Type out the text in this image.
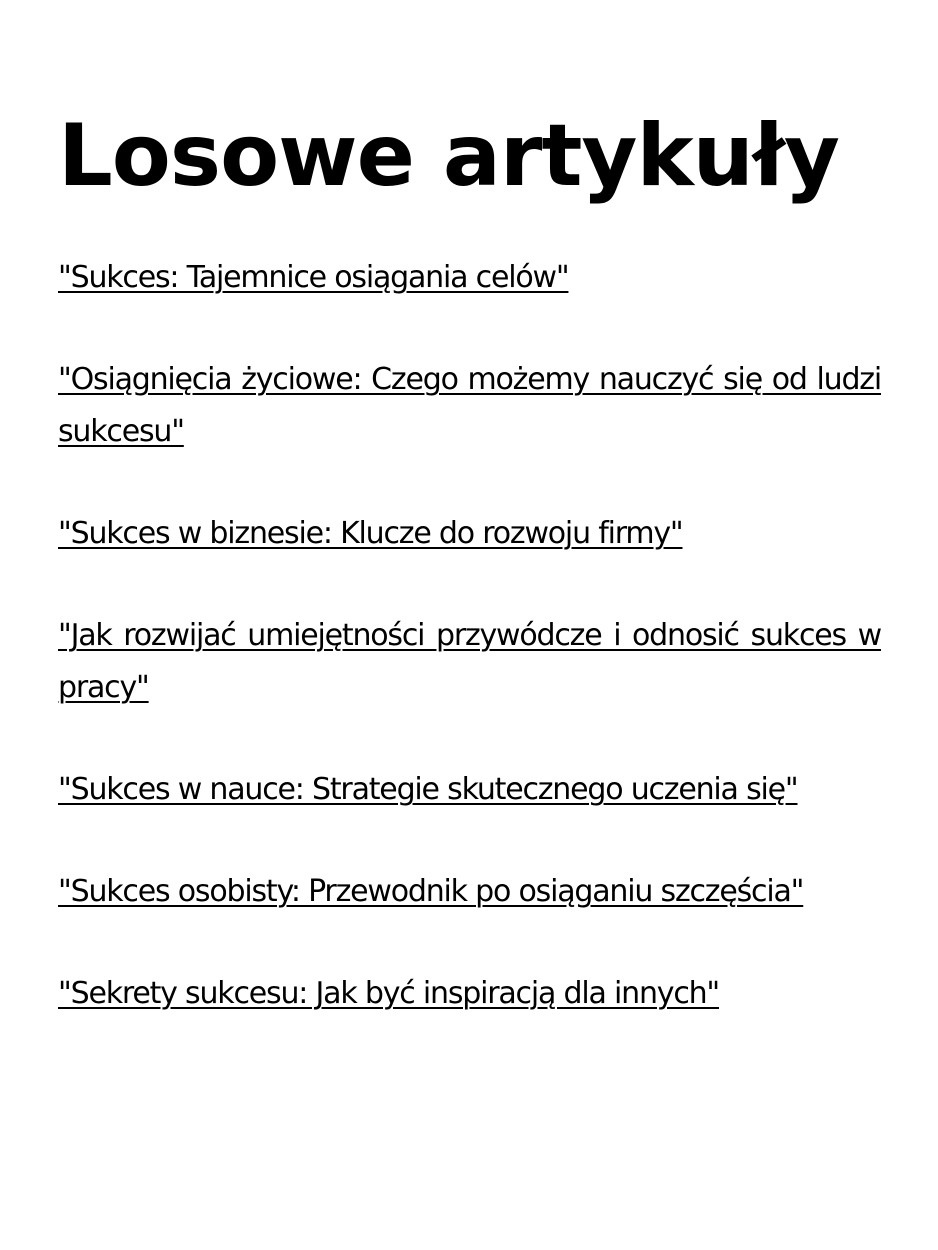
Losowe artykuły
"Sukces: Tajemnice osiągania celów"
"Osiągnięcia życiowe: Czego możemy nauczyć się od ludzi sukcesu"
"Sukces w biznesie: Klucze do rozwoju firmy"
"Jak rozwijać umiejętności przywódcze i odnosić sukces w pracy"
"Sukces w nauce: Strategie skutecznego uczenia się"
"Sukces osobisty: Przewodnik po osiąganiu szczęścia"
"Sekrety sukcesu: Jak być inspiracją dla innych"
